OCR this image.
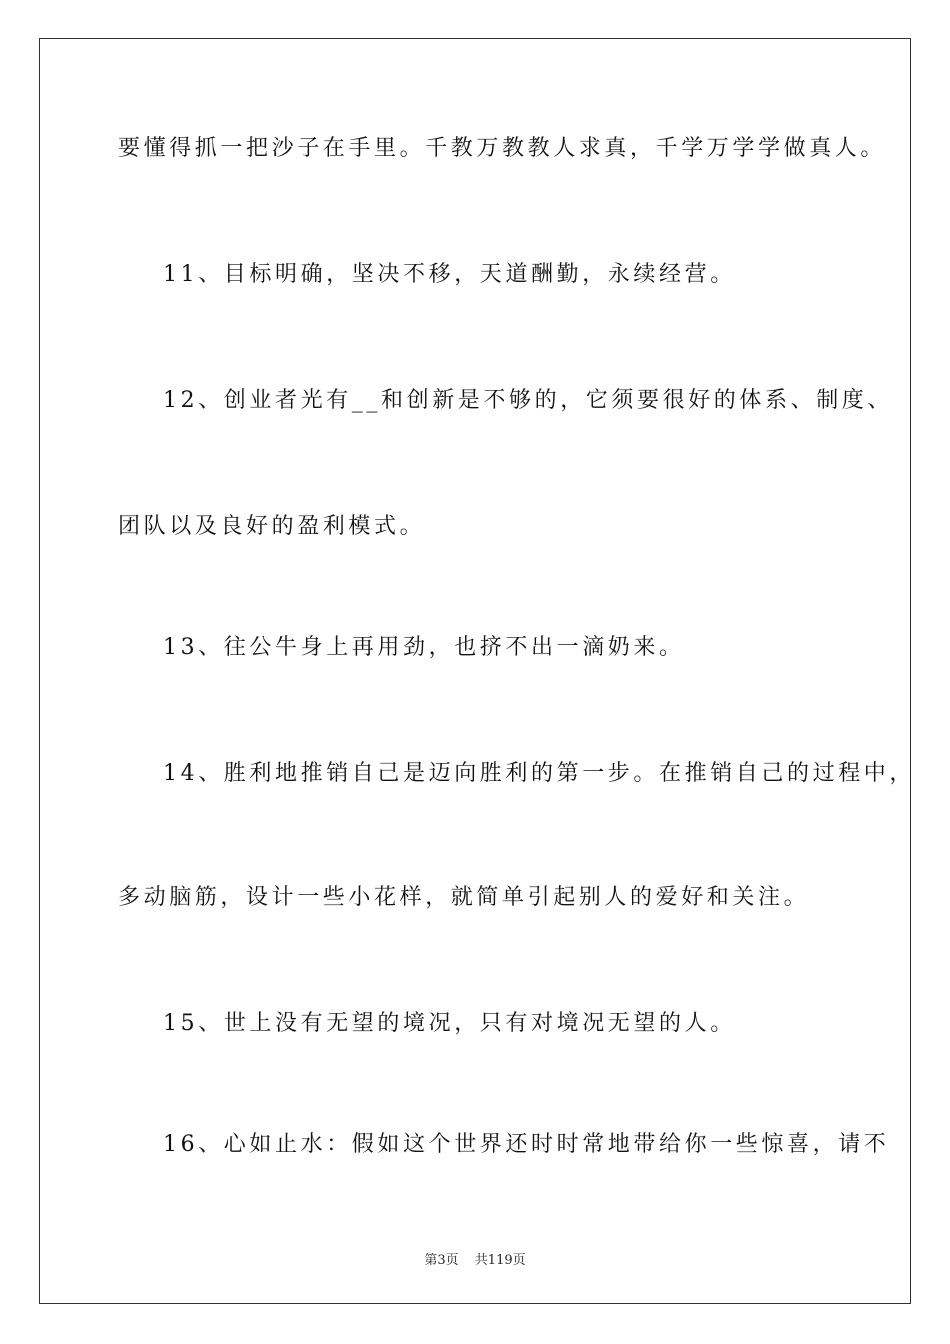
要懂得抓一把沙子在手里。千教万教教人求真，千学万学学做真人。
11、目标明确，坚决不移，天道酬勤，永续经营。
12、创业者光有__和创新是不够的，它须要很好的体系、制度、
团队以及良好的盈利模式。
13、往公牛身上再用劲，也挤不出一滴奶来。
14、胜利地推销自己是迈向胜利的第一步。在推销自己的过程中，
多动脑筋，设计一些小花样，就简单引起别人的爱好和关注。
15、世上没有无望的境况，只有对境况无望的人。
16、心如止水：假如这个世界还时时常地带给你一些惊喜，请不
第3页 共119页
